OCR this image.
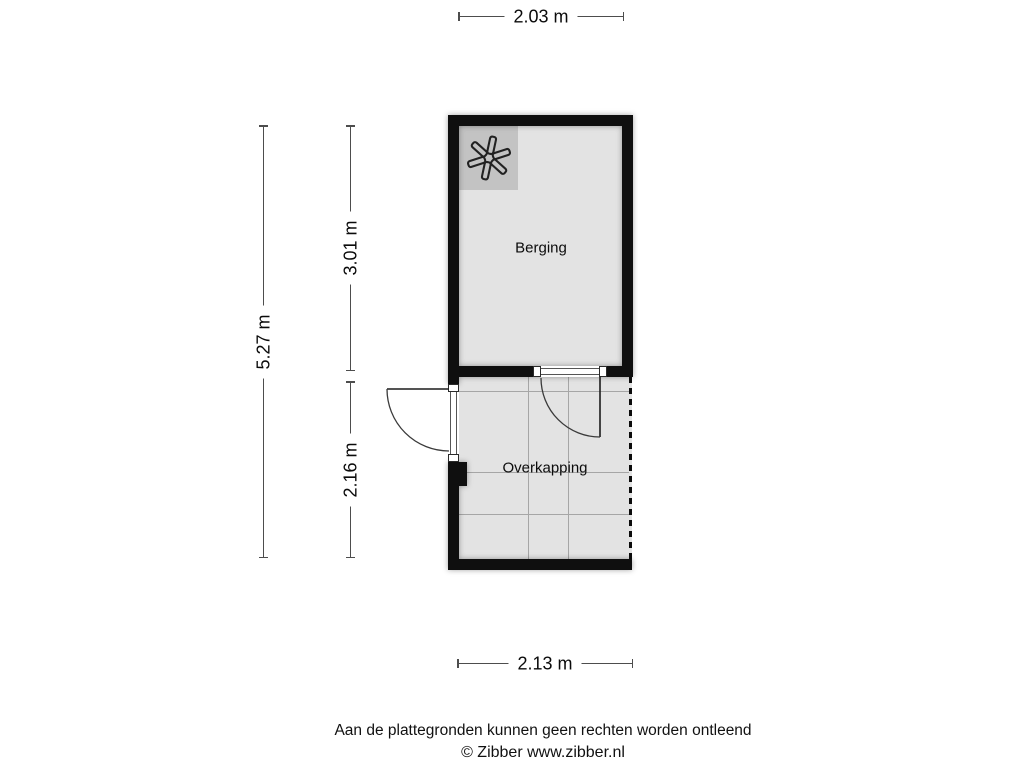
2.03 m
2.13 m
5.27 m
3.01 m
2.16 m
Berging
Overkapping
Aan de plattegronden kunnen geen rechten worden ontleend
© Zibber www.zibber.nl
